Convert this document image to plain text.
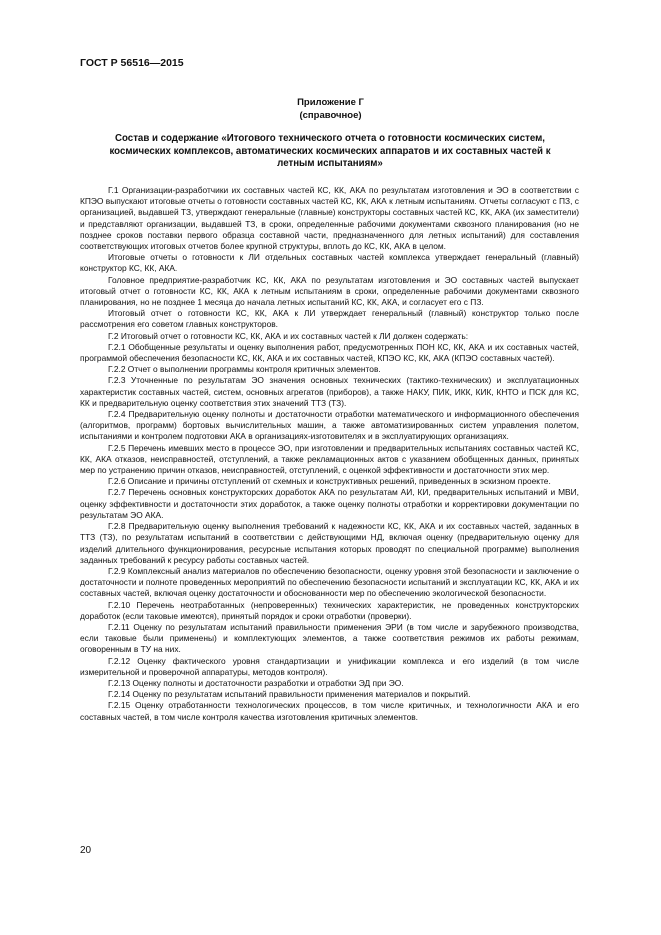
ГОСТ Р 56516—2015
Приложение Г
(справочное)
Состав и содержание «Итогового технического отчета о готовности космических систем, космических комплексов, автоматических космических аппаратов и их составных частей к летным испытаниям»

Г.1 Организации-разработчики их составных частей КС, КК, АКА по результатам изготовления и ЭО в соответствии с КПЭО выпускают итоговые отчеты о готовности составных частей КС, КК, АКА к летным испытаниям. Отчеты согласуют с ПЗ, с организацией, выдавшей ТЗ, утверждают генеральные (главные) конструкторы составных частей КС, КК, АКА (их заместители) и представляют организации, выдавшей ТЗ, в сроки, определенные рабочими документами сквозного планирования (но не позднее сроков поставки первого образца составной части, предназначенного для летных испытаний) для составления соответствующих итоговых отчетов более крупной структуры, вплоть до КС, КК, АКА в целом.

Итоговые отчеты о готовности к ЛИ отдельных составных частей комплекса утверждает генеральный (главный) конструктор КС, КК, АКА.

Головное предприятие-разработчик КС, КК, АКА по результатам изготовления и ЭО составных частей выпускает итоговый отчет о готовности КС, КК, АКА к летным испытаниям в сроки, определенные рабочими документами сквозного планирования, но не позднее 1 месяца до начала летных испытаний КС, КК, АКА, и согласует его с ПЗ.

Итоговый отчет о готовности КС, КК, АКА к ЛИ утверждает генеральный (главный) конструктор только после рассмотрения его советом главных конструкторов.

Г.2 Итоговый отчет о готовности КС, КК, АКА и их составных частей к ЛИ должен содержать:

Г.2.1 Обобщенные результаты и оценку выполнения работ, предусмотренных ПОН КС, КК, АКА и их составных частей, программой обеспечения безопасности КС, КК, АКА и их составных частей, КПЭО КС, КК, АКА (КПЭО составных частей).

Г.2.2 Отчет о выполнении программы контроля критичных элементов.

Г.2.3 Уточненные по результатам ЭО значения основных технических (тактико-технических) и эксплуатационных характеристик составных частей, систем, основных агрегатов (приборов), а также НАКУ, ПИК, ИКК, КИК, КНТО и ПСК для КС, КК и предварительную оценку соответствия этих значений ТТЗ (ТЗ).

Г.2.4 Предварительную оценку полноты и достаточности отработки математического и информационного обеспечения (алгоритмов, программ) бортовых вычислительных машин, а также автоматизированных систем управления полетом, испытаниями и контролем подготовки АКА в организациях-изготовителях и в эксплуатирующих организациях.

Г.2.5 Перечень имевших место в процессе ЭО, при изготовлении и предварительных испытаниях составных частей КС, КК, АКА отказов, неисправностей, отступлений, а также рекламационных актов с указанием обобщенных данных, принятых мер по устранению причин отказов, неисправностей, отступлений, с оценкой эффективности и достаточности этих мер.

Г.2.6 Описание и причины отступлений от схемных и конструктивных решений, приведенных в эскизном проекте.

Г.2.7 Перечень основных конструкторских доработок АКА по результатам АИ, КИ, предварительных испытаний и МВИ, оценку эффективности и достаточности этих доработок, а также оценку полноты отработки и корректировки документации по результатам ЭО АКА.

Г.2.8 Предварительную оценку выполнения требований к надежности КС, КК, АКА и их составных частей, заданных в ТТЗ (ТЗ), по результатам испытаний в соответствии с действующими НД, включая оценку (предварительную оценку для изделий длительного функционирования, ресурсные испытания которых проводят по специальной программе) выполнения заданных требований к ресурсу работы составных частей.

Г.2.9 Комплексный анализ материалов по обеспечению безопасности, оценку уровня этой безопасности и заключение о достаточности и полноте проведенных мероприятий по обеспечению безопасности испытаний и эксплуатации КС, КК, АКА и их составных частей, включая оценку достаточности и обоснованности мер по обеспечению экологической безопасности.

Г.2.10 Перечень неотработанных (непроверенных) технических характеристик, не проведенных конструкторских доработок (если таковые имеются), принятый порядок и сроки отработки (проверки).

Г.2.11 Оценку по результатам испытаний правильности применения ЭРИ (в том числе и зарубежного производства, если таковые были применены) и комплектующих элементов, а также соответствия режимов их работы режимам, оговоренным в ТУ на них.

Г.2.12 Оценку фактического уровня стандартизации и унификации комплекса и его изделий (в том числе измерительной и проверочной аппаратуры, методов контроля).

Г.2.13 Оценку полноты и достаточности разработки и отработки ЭД при ЭО.

Г.2.14 Оценку по результатам испытаний правильности применения материалов и покрытий.

Г.2.15 Оценку отработанности технологических процессов, в том числе критичных, и технологичности АКА и его составных частей, в том числе контроля качества изготовления критичных элементов.

20
